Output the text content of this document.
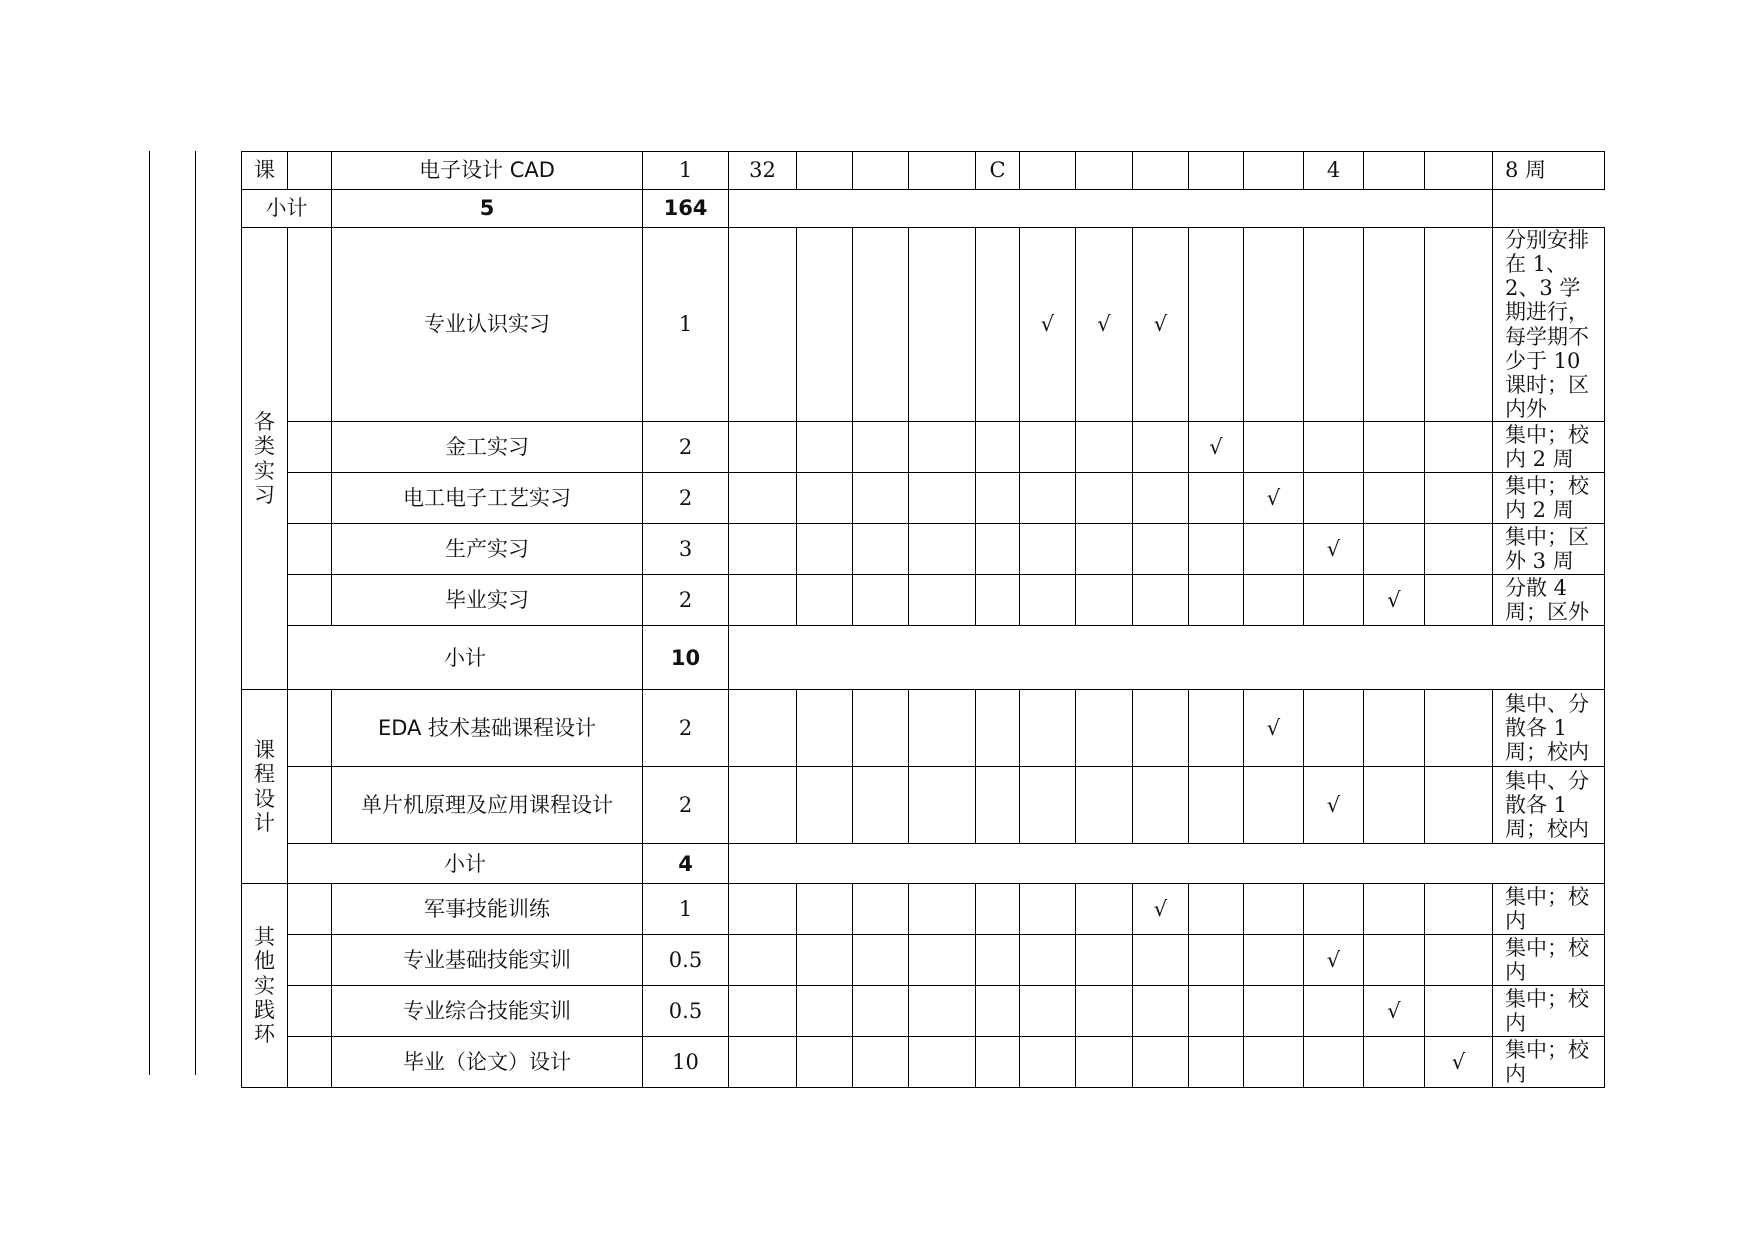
课		电子设计 CAD	1	32				C						4			8 周
小计		5	164														
各
类
实
习		专业认识实习	1						√	√	√						分别安排在 1、2、3 学期进行，每学期不少于 10 课时；区内外
		金工实习	2									√					集中；校内 2 周
		电工电子工艺实习	2										√				集中；校内 2 周
		生产实习	3											√			集中；区外 3 周
		毕业实习	2												√		分散 4 周；区外
	小计		10														
课
程
设
计		EDA 技术基础课程设计	2										√				集中、分散各 1 周；校内
		单片机原理及应用课程设计	2											√			集中、分散各 1 周；校内
	小计		4														
其
他
实
践
环		军事技能训练	1								√						集中；校内
		专业基础技能实训	0.5											√			集中；校内
		专业综合技能实训	0.5												√		集中；校内
		毕业（论文）设计	10													√	集中；校内
